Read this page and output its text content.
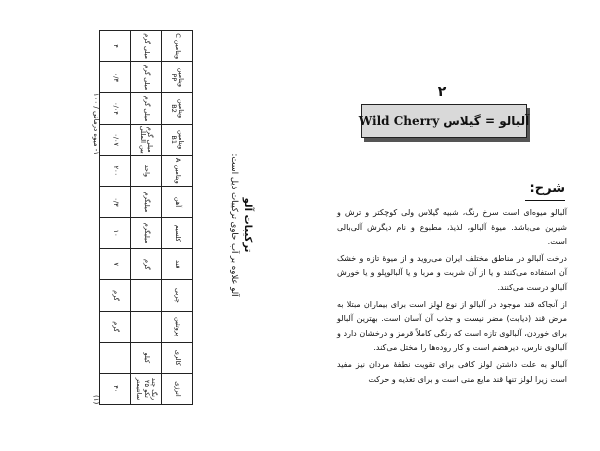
ترکیبات آلو
آلو علاوه بر آب حاوی ترکیبات ذیل است:
انرژی	کالری	پروتئین	چربی	قند	کلسیم	آهن	ویتامین A	ویتامین B1	ویتامین B2	ویتامین PP	ویتامین C
رنگ چند تکو ۲۵ سانتیمتر	کیلو			گرم	میلیگرم	میلیگرم	واحد	میلی گرم بین المللی	میلی گرم	میلی گرم	میلی گرم
۴۰		گرم	گرم	۷	۱۰	۰/۳	۲۰۰	۰/۰۷	۰/۰۴	۰/۳	۴
۱- میوه درمانی / ۱۰۰
(۱)
۲
Wild Cherry آلبالو = گیلاس
شرح:

آلبالو میوه‌ای است سرخ رنگ، شبیه گیلاس ولی کوچکتر و ترش و شیرین می‌باشد. میوهٔ آلبالو، لذیذ، مطبوع و نام دیگرش آلی‌بالی است.

درخت آلبالو در مناطق مختلف ایران می‌روید و از میوهٔ تازه و خشک آن استفاده می‌کنند و یا از آن شربت و مربا و یا آلبالوپلو و یا خورش آلبالو درست می‌کنند.

از آنجاکه قند موجود در آلبالو از نوع لوِلز است برای بیماران مبتلا به مرض قند (دیابت) مضر نیست و جذب آن آسان است. بهترین آلبالو برای خوردن، آلبالوی تازه است که رنگی کاملاً قرمز و درخشان دارد و آلبالوی نارس، دیرهضم است و کار روده‌ها را مختل می‌کند.

آلبالو به علت داشتن لولز کافی برای تقویت نطفهٔ مردان نیز مفید است زیرا لولز تنها قند مایع منی است و برای تغذیه و حرکت
